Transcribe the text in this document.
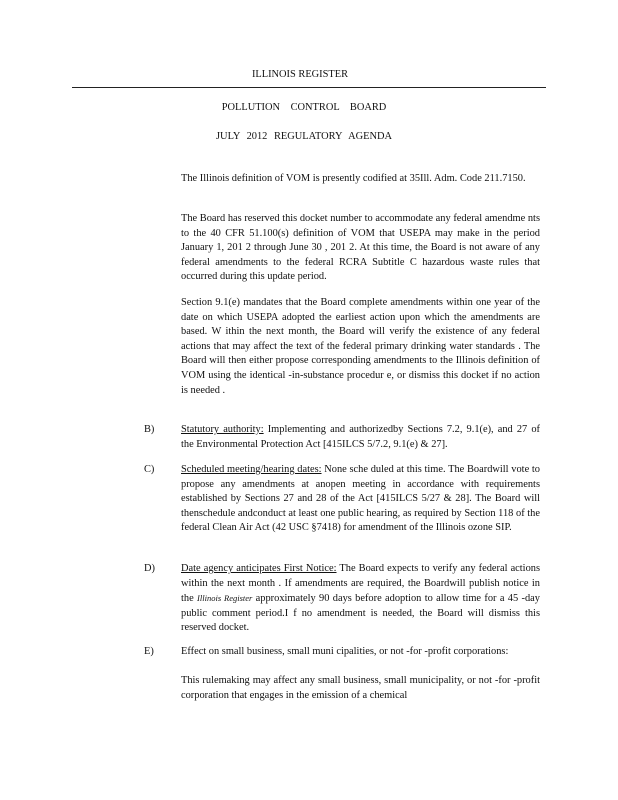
ILLINOIS REGISTER
POLLUTION CONTROL BOARD
JULY 2012 REGULATORY AGENDA

The Illinois definition of VOM is presently codified at 35Ill. Adm. Code 211.7150.

The Board has reserved this docket number to accommodate any federal amendme nts to the 40 CFR 51.100(s) definition of VOM that USEPA may make in the period January 1, 201 2 through June 30 , 201 2. At this time, the Board is not aware of any federal amendments to the federal RCRA Subtitle C hazardous waste rules that occurred during this update period.

Section 9.1(e) mandates that the Board complete amendments within one year of the date on which USEPA adopted the earliest action upon which the amendments are based. W ithin the next month, the Board will verify the existence of any federal actions that may affect the text of the federal primary drinking water standards . The Board will then either propose corresponding amendments to the Illinois definition of VOM using the identical -in-substance procedur e, or dismiss this docket if no action is needed .

B)	Statutory authority: Implementing and authorizedby Sections 7.2, 9.1(e), and 27 of the Environmental Protection Act [415ILCS 5/7.2, 9.1(e) & 27].

C)	Scheduled meeting/hearing dates: None sche duled at this time. The Boardwill vote to propose any amendments at anopen meeting in accordance with requirements established by Sections 27 and 28 of the Act [415ILCS 5/27 & 28]. The Board will thenschedule andconduct at least one public hearing, as required by Section 118 of the federal Clean Air Act (42 USC §7418) for amendment of the Illinois ozone SIP.

D)	Date agency anticipates First Notice: The Board expects to verify any federal actions within the next month . If amendments are required, the Boardwill publish notice in the Illinois Register approximately 90 days before adoption to allow time for a 45 -day public comment period.I f no amendment is needed, the Board will dismiss this reserved docket.

E)	Effect on small business, small muni cipalities, or not -for -profit corporations:

This rulemaking may affect any small business, small municipality, or not -for -profit corporation that engages in the emission of a chemical
